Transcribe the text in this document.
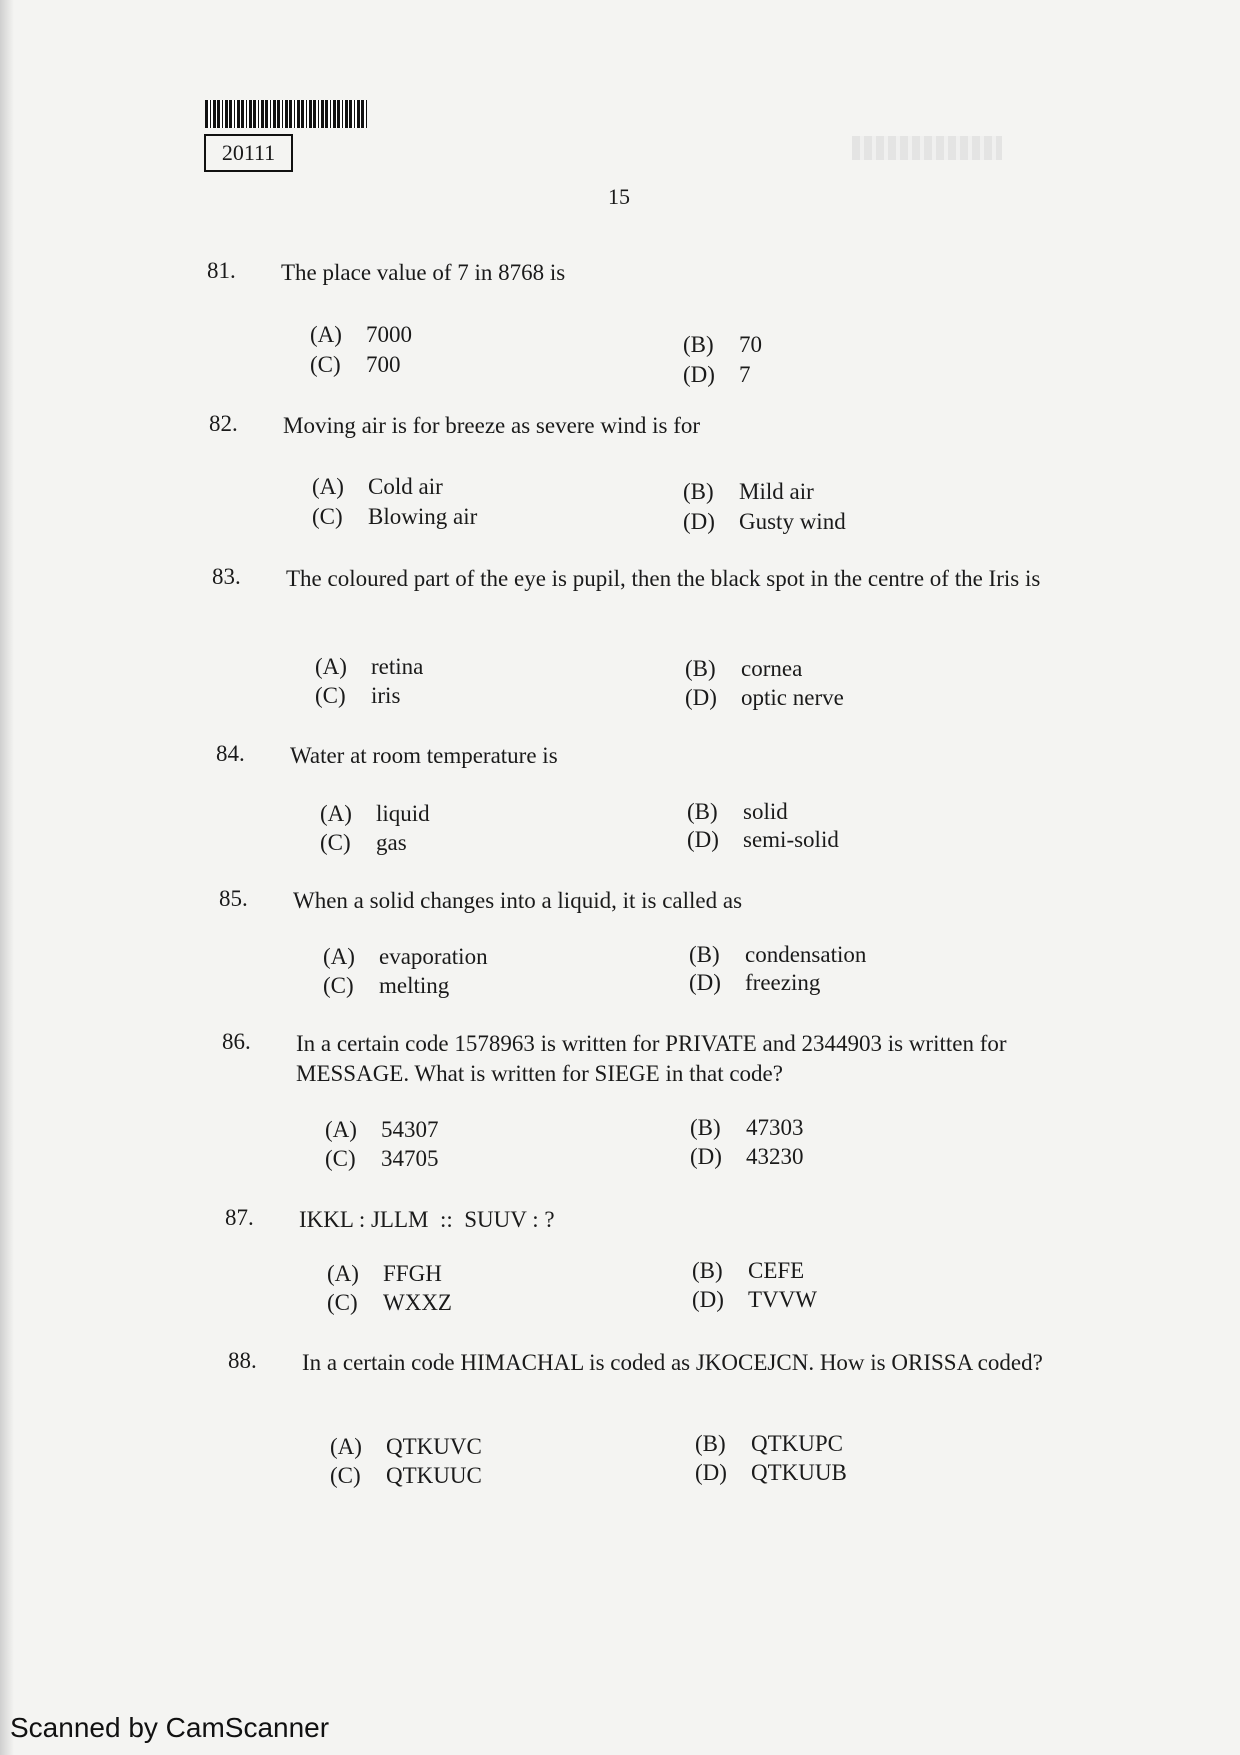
20111
15
81. The place value of 7 in 8768 is
(A) 7000	(B) 70
(C) 700	(D) 7
82. Moving air is for breeze as severe wind is for
(A) Cold air	(B) Mild air
(C) Blowing air	(D) Gusty wind
83. The coloured part of the eye is pupil, then the black spot in the centre of the Iris is
(A) retina	(B) cornea
(C) iris	(D) optic nerve
84. Water at room temperature is
(A) liquid	(B) solid
(C) gas	(D) semi-solid
85. When a solid changes into a liquid, it is called as
(A) evaporation	(B) condensation
(C) melting	(D) freezing
86. In a certain code 1578963 is written for PRIVATE and 2344903 is written for MESSAGE. What is written for SIEGE in that code?
(A) 54307	(B) 47303
(C) 34705	(D) 43230
87. IKKL : JLLM  ::  SUUV : ?
(A) FFGH	(B) CEFE
(C) WXXZ	(D) TVVW
88. In a certain code HIMACHAL is coded as JKOCEJCN. How is ORISSA coded?
(A) QTKUVC	(B) QTKUPC
(C) QTKUUC	(D) QTKUUB
Scanned by CamScanner
